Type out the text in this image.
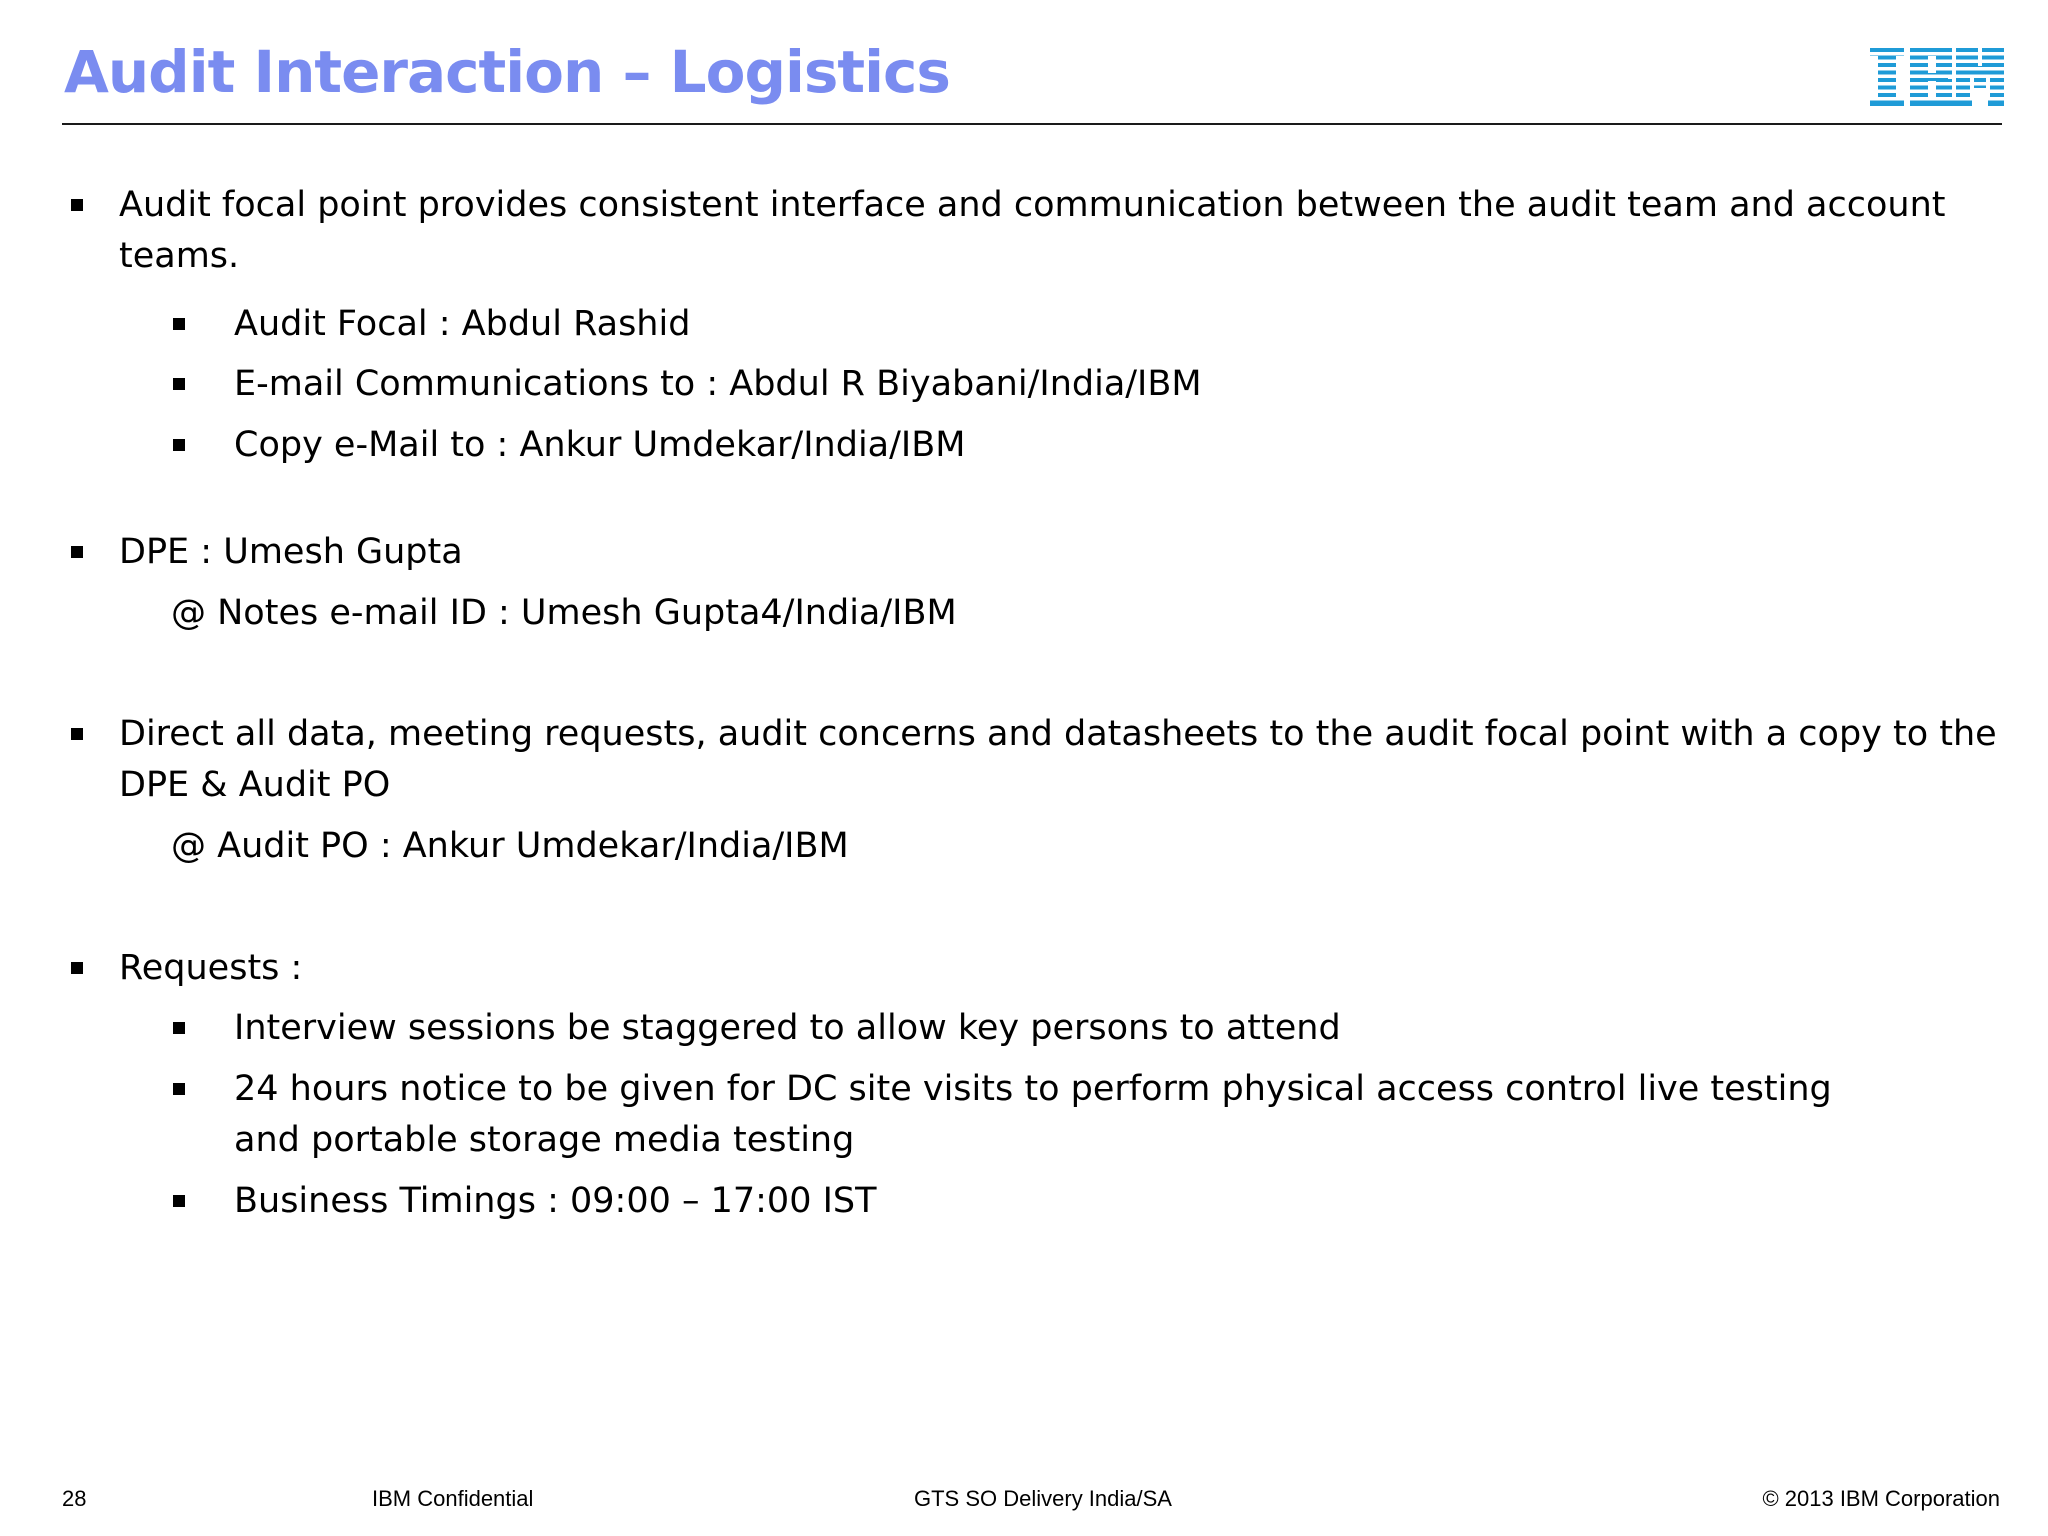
Audit Interaction – Logistics
Audit focal point provides consistent interface and communication between the audit team and account teams.
Audit Focal : Abdul Rashid
E-mail Communications to : Abdul R Biyabani/India/IBM
Copy e-Mail to : Ankur Umdekar/India/IBM
DPE : Umesh Gupta
@ Notes e-mail ID : Umesh Gupta4/India/IBM
Direct all data, meeting requests, audit concerns and datasheets to the audit focal point with a copy to the DPE & Audit PO
@ Audit PO : Ankur Umdekar/India/IBM
Requests :
Interview sessions be staggered to allow key persons to attend
24 hours notice to be given for DC site visits to perform physical access control live testing and portable storage media testing
Business Timings : 09:00 – 17:00 IST
28	IBM Confidential	GTS SO Delivery India/SA	© 2013 IBM Corporation
